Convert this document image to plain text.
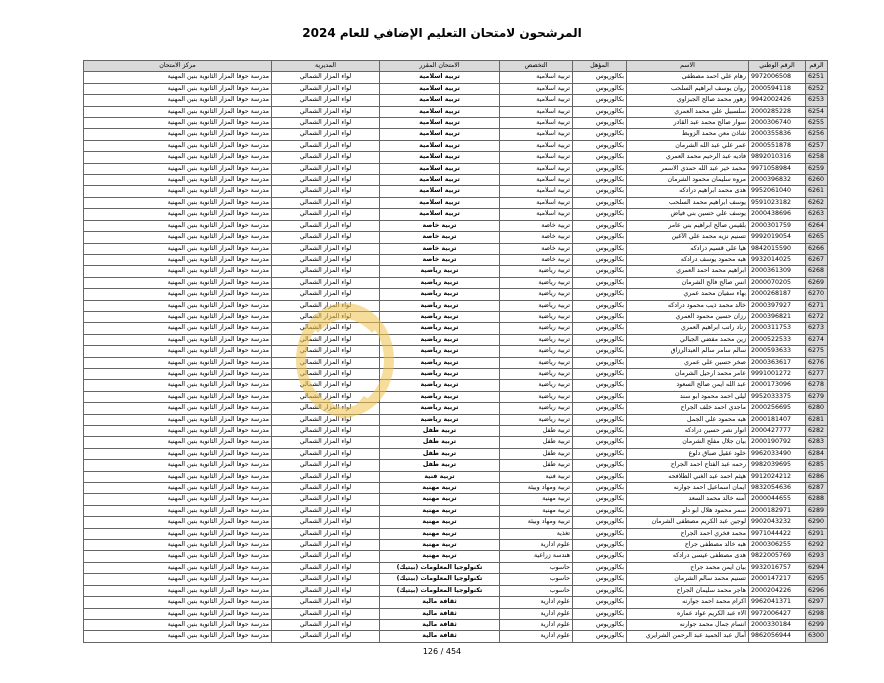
المرشحون لامتحان التعليم الإضافي للعام 2024
الرقم	الرقم الوطني	الاسم	المؤهل	التخصص	الامتحان المقرر	المديرية	مركز الامتحان
6251	9972006508	رهام علي احمد مصطفى	بكالوريوس	تربية اسلامية	تربية اسلامية	لواء المزار الشمالي	مدرسة حوفا المزار الثانوية بنين المهنية
6252	2000594118	روان يوسف ابراهيم السلحب	بكالوريوس	تربية اسلامية	تربية اسلامية	لواء المزار الشمالي	مدرسة حوفا المزار الثانوية بنين المهنية
6253	9942002426	زهور محمد صالح الجبزاوي	بكالوريوس	تربية اسلامية	تربية اسلامية	لواء المزار الشمالي	مدرسة حوفا المزار الثانوية بنين المهنية
6254	2000285228	سلسبيل علي محمد العمري	بكالوريوس	تربية اسلامية	تربية اسلامية	لواء المزار الشمالي	مدرسة حوفا المزار الثانوية بنين المهنية
6255	2000306740	سوار صالح محمد عبد القادر	بكالوريوس	تربية اسلامية	تربية اسلامية	لواء المزار الشمالي	مدرسة حوفا المزار الثانوية بنين المهنية
6256	2000355836	شاذن معن محمد الزوبط	بكالوريوس	تربية اسلامية	تربية اسلامية	لواء المزار الشمالي	مدرسة حوفا المزار الثانوية بنين المهنية
6257	2000551878	عمر علي عبد الله الشرمان	بكالوريوس	تربية اسلامية	تربية اسلامية	لواء المزار الشمالي	مدرسة حوفا المزار الثانوية بنين المهنية
6258	9892010316	فاديه عبد الرحيم محمد العمري	بكالوريوس	تربية اسلامية	تربية اسلامية	لواء المزار الشمالي	مدرسة حوفا المزار الثانوية بنين المهنية
6259	9971058984	محمد خير عبد الله حمدي الاسمر	بكالوريوس	تربية اسلامية	تربية اسلامية	لواء المزار الشمالي	مدرسة حوفا المزار الثانوية بنين المهنية
6260	2000396832	مروه سليمان محمود الشرمان	بكالوريوس	تربية اسلامية	تربية اسلامية	لواء المزار الشمالي	مدرسة حوفا المزار الثانوية بنين المهنية
6261	9952061040	هدى محمد ابراهيم درادكه	بكالوريوس	تربية اسلامية	تربية اسلامية	لواء المزار الشمالي	مدرسة حوفا المزار الثانوية بنين المهنية
6262	9591023182	يوسف ابراهيم محمد السلحب	بكالوريوس	تربية اسلامية	تربية اسلامية	لواء المزار الشمالي	مدرسة حوفا المزار الثانوية بنين المهنية
6263	2000438696	يوسف علي حسين بني فياض	بكالوريوس	تربية اسلامية	تربية اسلامية	لواء المزار الشمالي	مدرسة حوفا المزار الثانوية بنين المهنية
6264	2000301759	بلقيس صالح ابراهيم بني عامر	بكالوريوس	تربية خاصة	تربية خاصة	لواء المزار الشمالي	مدرسة حوفا المزار الثانوية بنين المهنية
6265	9992019054	تسنيم نزيه محمد علي الآغين	بكالوريوس	تربية خاصة	تربية خاصة	لواء المزار الشمالي	مدرسة حوفا المزار الثانوية بنين المهنية
6266	9842015590	هيا علي قسيم درادكه	بكالوريوس	تربية خاصة	تربية خاصة	لواء المزار الشمالي	مدرسة حوفا المزار الثانوية بنين المهنية
6267	9932014025	هبه محمود يوسف درادكه	بكالوريوس	تربية خاصة	تربية خاصة	لواء المزار الشمالي	مدرسة حوفا المزار الثانوية بنين المهنية
6268	2000361309	ابراهيم محمد احمد العمري	بكالوريوس	تربية رياضية	تربية رياضية	لواء المزار الشمالي	مدرسة حوفا المزار الثانوية بنين المهنية
6269	2000070205	انس صالح فالح الشرمان	بكالوريوس	تربية رياضية	تربية رياضية	لواء المزار الشمالي	مدرسة حوفا المزار الثانوية بنين المهنية
6270	2000268187	بهاء سفيان محمد عمري	بكالوريوس	تربية رياضية	تربية رياضية	لواء المزار الشمالي	مدرسة حوفا المزار الثانوية بنين المهنية
6271	2000397927	خالد محمد ذيب محمود درادكه	بكالوريوس	تربية رياضية	تربية رياضية	لواء المزار الشمالي	مدرسة حوفا المزار الثانوية بنين المهنية
6272	2000396821	رزان حسين محمود العمري	بكالوريوس	تربية رياضية	تربية رياضية	لواء المزار الشمالي	مدرسة حوفا المزار الثانوية بنين المهنية
6273	2000311753	رناد راتب ابراهيم العمري	بكالوريوس	تربية رياضية	تربية رياضية	لواء المزار الشمالي	مدرسة حوفا المزار الثانوية بنين المهنية
6274	2000522533	زين محمد مفضي الجبالي	بكالوريوس	تربية رياضية	تربية رياضية	لواء المزار الشمالي	مدرسة حوفا المزار الثانوية بنين المهنية
6275	2000593633	سالم سامر سالم العبدالرزاق	بكالوريوس	تربية رياضية	تربية رياضية	لواء المزار الشمالي	مدرسة حوفا المزار الثانوية بنين المهنية
6276	2000363617	صخر حسين علي عمري	بكالوريوس	تربية رياضية	تربية رياضية	لواء المزار الشمالي	مدرسة حوفا المزار الثانوية بنين المهنية
6277	9991001272	عامر محمد ارحيل الشرمان	بكالوريوس	تربية رياضية	تربية رياضية	لواء المزار الشمالي	مدرسة حوفا المزار الثانوية بنين المهنية
6278	2000173096	عبد الله ايمن صالح السعود	بكالوريوس	تربية رياضية	تربية رياضية	لواء المزار الشمالي	مدرسة حوفا المزار الثانوية بنين المهنية
6279	9952033375	ليلى احمد محمود ابو سند	بكالوريوس	تربية رياضية	تربية رياضية	لواء المزار الشمالي	مدرسة حوفا المزار الثانوية بنين المهنية
6280	2000256695	ماجدي احمد خلف الجراح	بكالوريوس	تربية رياضية	تربية رياضية	لواء المزار الشمالي	مدرسة حوفا المزار الثانوية بنين المهنية
6281	2000181407	هبه محمود علي الجمل	بكالوريوس	تربية رياضية	تربية رياضية	لواء المزار الشمالي	مدرسة حوفا المزار الثانوية بنين المهنية
6282	2000427777	انوار نصر حسين درادكه	بكالوريوس	تربية طفل	تربية طفل	لواء المزار الشمالي	مدرسة حوفا المزار الثانوية بنين المهنية
6283	2000190792	بيان جلال مفلح الشرمان	بكالوريوس	تربية طفل	تربية طفل	لواء المزار الشمالي	مدرسة حوفا المزار الثانوية بنين المهنية
6284	9962033490	خلود عقيل صباق دلوع	بكالوريوس	تربية طفل	تربية طفل	لواء المزار الشمالي	مدرسة حوفا المزار الثانوية بنين المهنية
6285	9982039695	رحمه عبد الفتاح احمد الجراح	بكالوريوس	تربية طفل	تربية طفل	لواء المزار الشمالي	مدرسة حوفا المزار الثانوية بنين المهنية
6286	9912024212	هيثم احمد عبد الغني الطلافحه	بكالوريوس	تربية فنية	تربية فنية	لواء المزار الشمالي	مدرسة حوفا المزار الثانوية بنين المهنية
6287	9832054636	ايمان اسماعيل احمد جوارنه	بكالوريوس	تربية ومهاد وبيئة	تربية مهنية	لواء المزار الشمالي	مدرسة حوفا المزار الثانوية بنين المهنية
6288	2000044655	آمنه خالد محمد السعد	بكالوريوس	تربية مهنية	تربية مهنية	لواء المزار الشمالي	مدرسة حوفا المزار الثانوية بنين المهنية
6289	2000182971	سمر محمود هلال ابو دلو	بكالوريوس	تربية مهنية	تربية مهنية	لواء المزار الشمالي	مدرسة حوفا المزار الثانوية بنين المهنية
6290	9902043232	لوجين عبد الكريم مصطفى الشرمان	بكالوريوس	تربية ومهاد وبيئة	تربية مهنية	لواء المزار الشمالي	مدرسة حوفا المزار الثانوية بنين المهنية
6291	9971044422	محمد فخري احمد الجراح	بكالوريوس	تغذية	تربية مهنية	لواء المزار الشمالي	مدرسة حوفا المزار الثانوية بنين المهنية
6292	2000306255	هبه خالد مصطفى جراح	بكالوريوس	علوم ادارية	تربية مهنية	لواء المزار الشمالي	مدرسة حوفا المزار الثانوية بنين المهنية
6293	9822005769	هدى مصطفى عيسى درادكه	بكالوريوس	هندسة زراعية	تربية مهنية	لواء المزار الشمالي	مدرسة حوفا المزار الثانوية بنين المهنية
6294	9932016757	بيان ايمن محمد جراح	بكالوريوس	حاسوب	تكنولوجيا المعلومات (بيتيك)	لواء المزار الشمالي	مدرسة حوفا المزار الثانوية بنين المهنية
6295	2000147217	تسنيم محمد سالم الشرمان	بكالوريوس	حاسوب	تكنولوجيا المعلومات (بيتيك)	لواء المزار الشمالي	مدرسة حوفا المزار الثانوية بنين المهنية
6296	2000204226	هاجر محمد سليمان الجراح	بكالوريوس	حاسوب	تكنولوجيا المعلومات (بيتيك)	لواء المزار الشمالي	مدرسة حوفا المزار الثانوية بنين المهنية
6297	9962041371	اكرام محمد احمد جوارنه	بكالوريوس	علوم ادارية	ثقافة مالية	لواء المزار الشمالي	مدرسة حوفا المزار الثانوية بنين المهنية
6298	9972006427	الاء عبد الكريم عواد عماره	بكالوريوس	علوم ادارية	ثقافة مالية	لواء المزار الشمالي	مدرسة حوفا المزار الثانوية بنين المهنية
6299	2000330184	انسام جمال محمد جوارنه	بكالوريوس	علوم ادارية	ثقافة مالية	لواء المزار الشمالي	مدرسة حوفا المزار الثانوية بنين المهنية
6300	9862056944	آمال عبد الحميد عبد الرحمن الشرايري	بكالوريوس	علوم ادارية	ثقافة مالية	لواء المزار الشمالي	مدرسة حوفا المزار الثانوية بنين المهنية
126 / 454
